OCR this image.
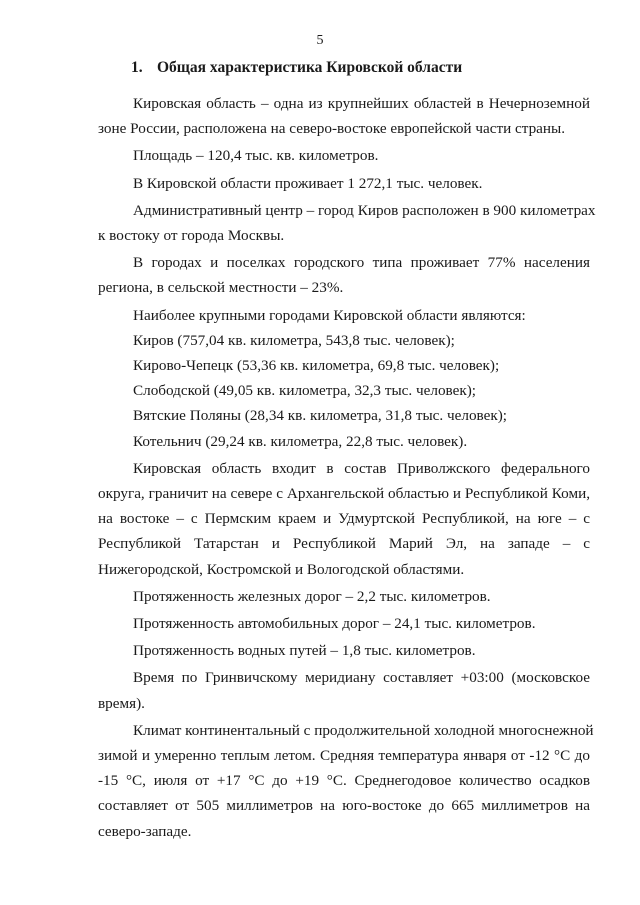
5
1. Общая характеристика Кировской области
Кировская область – одна из крупнейших областей в Нечерноземной
зоне России, расположена на северо-востоке европейской части страны.
Площадь – 120,4 тыс. кв. километров.
В Кировской области проживает 1 272,1 тыс. человек.
Административный центр – город Киров расположен в 900 километрах
к востоку от города Москвы.
В городах и поселках городского типа проживает 77% населения
региона, в сельской местности – 23%.
Наиболее крупными городами Кировской области являются:
Киров (757,04 кв. километра, 543,8 тыс. человек);
Кирово-Чепецк (53,36 кв. километра, 69,8 тыс. человек);
Слободской (49,05 кв. километра, 32,3 тыс. человек);
Вятские Поляны (28,34 кв. километра, 31,8 тыс. человек);
Котельнич (29,24 кв. километра, 22,8 тыс. человек).
Кировская область входит в состав Приволжского федерального
округа, граничит на севере с Архангельской областью и Республикой Коми,
на востоке – с Пермским краем и Удмуртской Республикой, на юге – с
Республикой Татарстан и Республикой Марий Эл, на западе – с
Нижегородской, Костромской и Вологодской областями.
Протяженность железных дорог – 2,2 тыс. километров.
Протяженность автомобильных дорог – 24,1 тыс. километров.
Протяженность водных путей – 1,8 тыс. километров.
Время по Гринвичскому меридиану составляет +03:00 (московское
время).
Климат континентальный с продолжительной холодной многоснежной
зимой и умеренно теплым летом. Средняя температура января от -12 °С до
-15 °С, июля от +17 °С до +19 °С. Среднегодовое количество осадков
составляет от 505 миллиметров на юго-востоке до 665 миллиметров на
северо-западе.
